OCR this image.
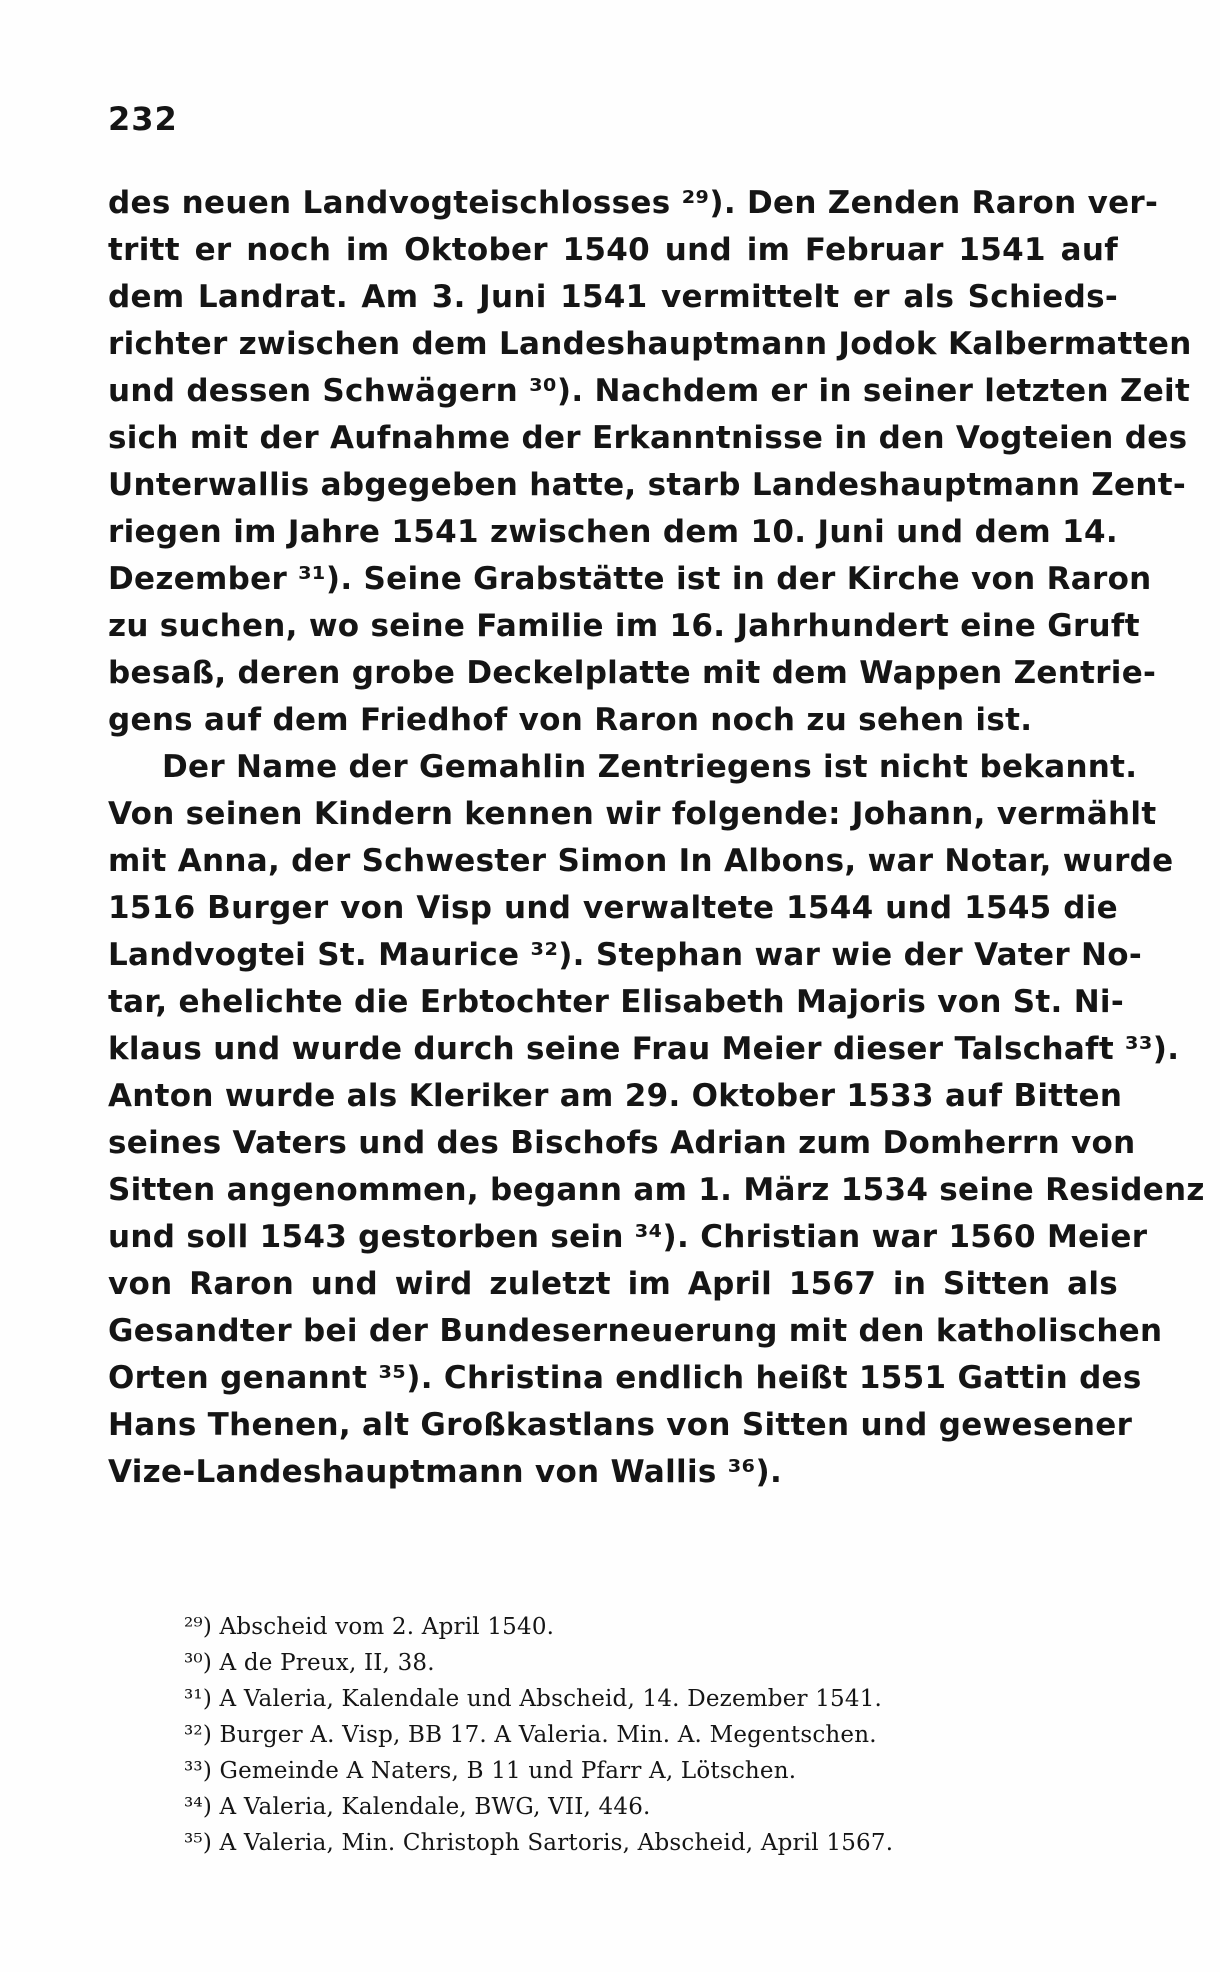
232
des neuen Landvogteischlosses ²⁹). Den Zenden Raron ver-
tritt er noch im Oktober 1540 und im Februar 1541 auf
dem Landrat. Am 3. Juni 1541 vermittelt er als Schieds-
richter zwischen dem Landeshauptmann Jodok Kalbermatten
und dessen Schwägern ³⁰). Nachdem er in seiner letzten Zeit
sich mit der Aufnahme der Erkanntnisse in den Vogteien des
Unterwallis abgegeben hatte, starb Landeshauptmann Zent-
riegen im Jahre 1541 zwischen dem 10. Juni und dem 14.
Dezember ³¹). Seine Grabstätte ist in der Kirche von Raron
zu suchen, wo seine Familie im 16. Jahrhundert eine Gruft
besaß, deren grobe Deckelplatte mit dem Wappen Zentrie-
gens auf dem Friedhof von Raron noch zu sehen ist.
Der Name der Gemahlin Zentriegens ist nicht bekannt.
Von seinen Kindern kennen wir folgende: Johann, vermählt
mit Anna, der Schwester Simon In Albons, war Notar, wurde
1516 Burger von Visp und verwaltete 1544 und 1545 die
Landvogtei St. Maurice ³²). Stephan war wie der Vater No-
tar, ehelichte die Erbtochter Elisabeth Majoris von St. Ni-
klaus und wurde durch seine Frau Meier dieser Talschaft ³³).
Anton wurde als Kleriker am 29. Oktober 1533 auf Bitten
seines Vaters und des Bischofs Adrian zum Domherrn von
Sitten angenommen, begann am 1. März 1534 seine Residenz
und soll 1543 gestorben sein ³⁴). Christian war 1560 Meier
von Raron und wird zuletzt im April 1567 in Sitten als
Gesandter bei der Bundeserneuerung mit den katholischen
Orten genannt ³⁵). Christina endlich heißt 1551 Gattin des
Hans Thenen, alt Großkastlans von Sitten und gewesener
Vize-Landeshauptmann von Wallis ³⁶).
²⁹) Abscheid vom 2. April 1540.
³⁰) A de Preux, II, 38.
³¹) A Valeria, Kalendale und Abscheid, 14. Dezember 1541.
³²) Burger A. Visp, BB 17. A Valeria. Min. A. Megentschen.
³³) Gemeinde A Naters, B 11 und Pfarr A, Lötschen.
³⁴) A Valeria, Kalendale, BWG, VII, 446.
³⁵) A Valeria, Min. Christoph Sartoris, Abscheid, April 1567.
